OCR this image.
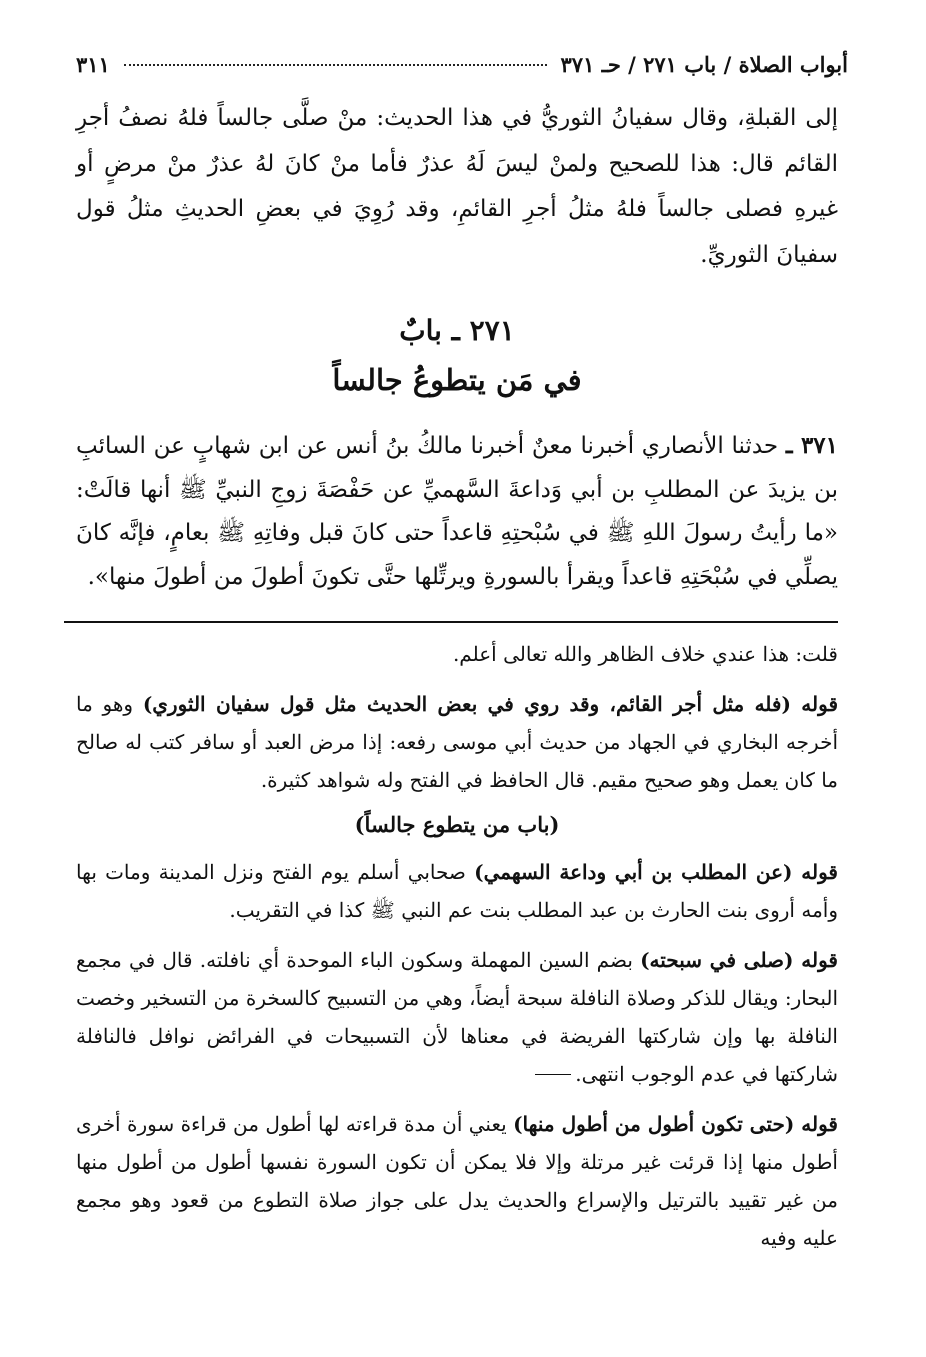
أبواب الصلاة / باب ٢٧١ / حـ ٣٧١
٣١١

إلى القبلةِ، وقال سفيانُ الثوريُّ في هذا الحديث: منْ صلَّى جالساً فلهُ نصفُ أجرِ القائم قال: هذا للصحيح ولمنْ ليسَ لَهُ عذرٌ فأما منْ كانَ لهُ عذرٌ منْ مرضٍ أو غيرهِ فصلى جالساً فلهُ مثلُ أجرِ القائمِ، وقد رُوِيَ في بعضِ الحديثِ مثلُ قول سفيانَ الثوريِّ.

٢٧١ ـ بابٌ
في مَن يتطوعُ جالساً

٣٧١ ـ حدثنا الأنصاري أخبرنا معنٌ أخبرنا مالكُ بنُ أنس عن ابن شهابٍ عن السائبِ بن يزيدَ عن المطلبِ بن أبي وَداعةَ السَّهميِّ عن حَفْصَةَ زوجِ النبيِّ ﷺ أنها قالَتْ: «ما رأيتُ رسولَ اللهِ ﷺ في سُبْحتِهِ قاعداً حتى كانَ قبل وفاتِهِ ﷺ بعامٍ، فإنَّه كانَ يصلِّي في سُبْحَتِهِ قاعداً ويقرأ بالسورةِ ويرتِّلها حتَّى تكونَ أطولَ من أطولَ منها».

قلت: هذا عندي خلاف الظاهر والله تعالى أعلم.

قوله (فله مثل أجر القائم، وقد روي في بعض الحديث مثل قول سفيان الثوري) وهو ما أخرجه البخاري في الجهاد من حديث أبي موسى رفعه: إذا مرض العبد أو سافر كتب له صالح ما كان يعمل وهو صحيح مقيم. قال الحافظ في الفتح وله شواهد كثيرة.

(باب من يتطوع جالساً)

قوله (عن المطلب بن أبي وداعة السهمي) صحابي أسلم يوم الفتح ونزل المدينة ومات بها وأمه أروى بنت الحارث بن عبد المطلب بنت عم النبي ﷺ كذا في التقريب.

قوله (صلى في سبحته) بضم السين المهملة وسكون الباء الموحدة أي نافلته. قال في مجمع البحار: ويقال للذكر وصلاة النافلة سبحة أيضاً، وهي من التسبيح كالسخرة من التسخير وخصت النافلة بها وإن شاركتها الفريضة في معناها لأن التسبيحات في الفرائض نوافل فالنافلة شاركتها في عدم الوجوب انتهى.

قوله (حتى تكون أطول من أطول منها) يعني أن مدة قراءته لها أطول من قراءة سورة أخرى أطول منها إذا قرئت غير مرتلة وإلا فلا يمكن أن تكون السورة نفسها أطول من أطول منها من غير تقييد بالترتيل والإسراع والحديث يدل على جواز صلاة التطوع من قعود وهو مجمع عليه وفيه
